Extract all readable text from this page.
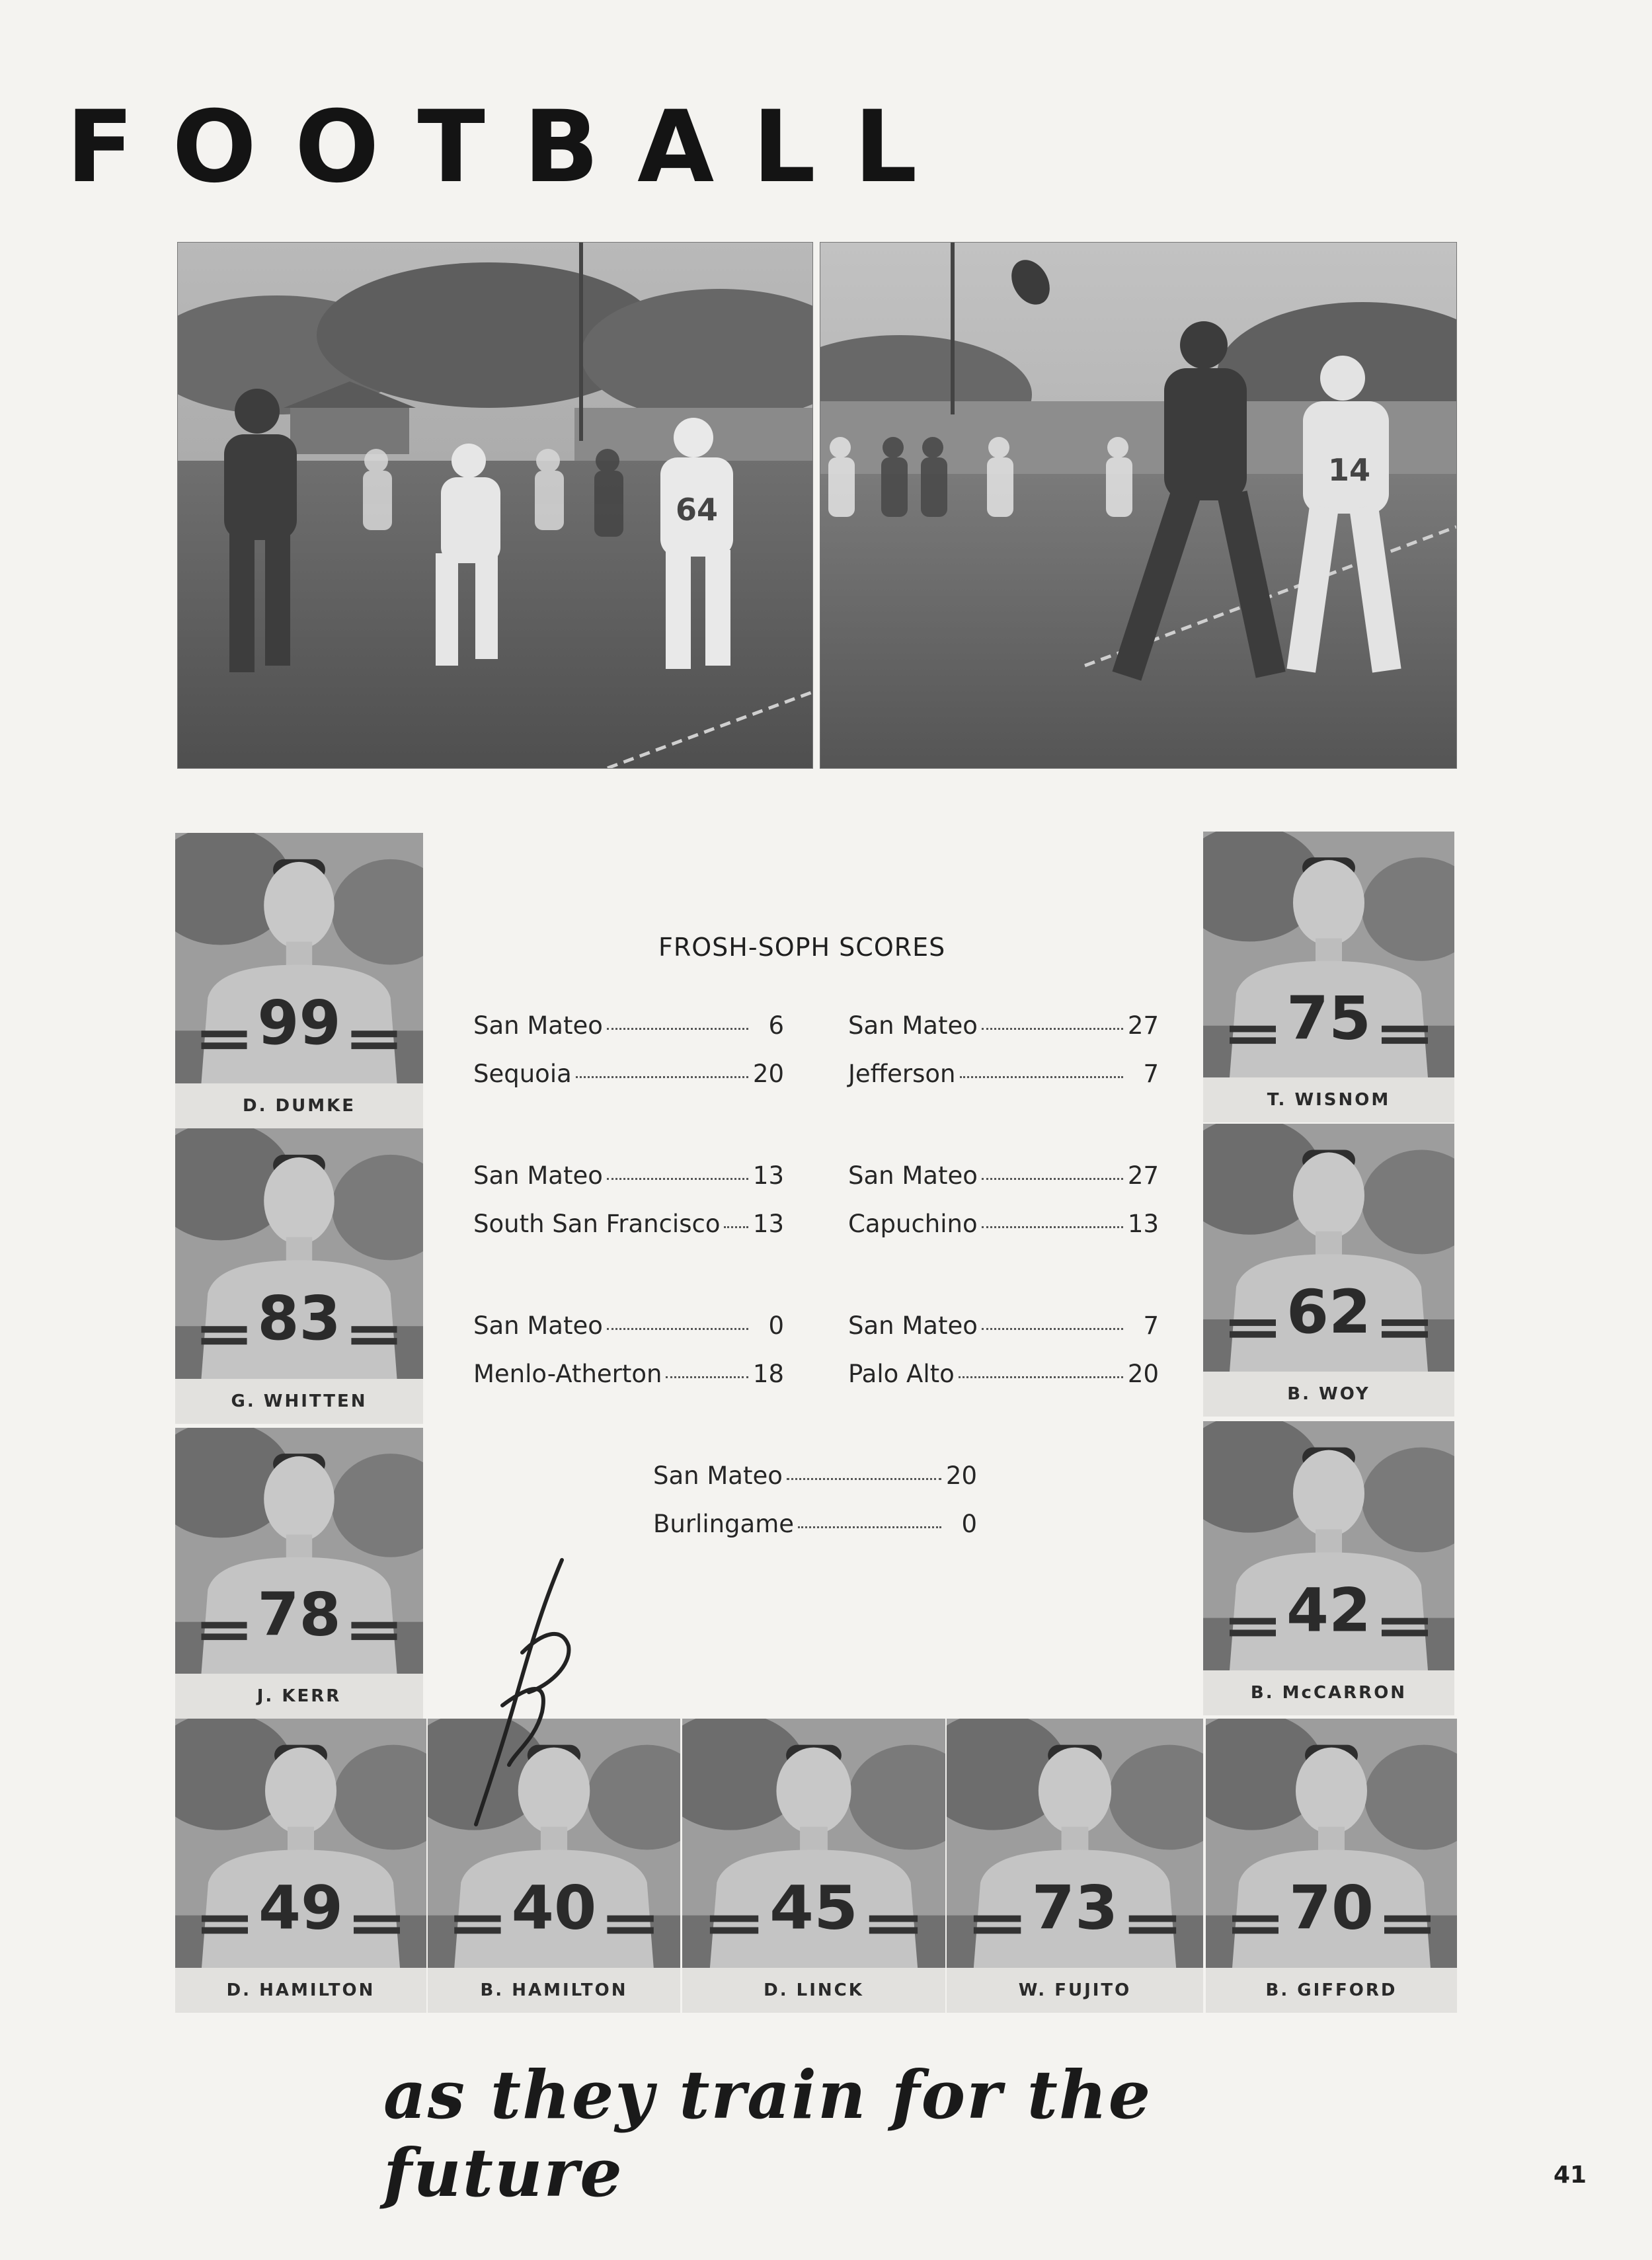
FOOTBALL
64
14
FROSH-SOPH SCORES
San Mateo	6
Sequoia	20
San Mateo	27
Jefferson	7
San Mateo	13
South San Francisco 13
San Mateo	27
Capuchino	13
San Mateo	0
Menlo-Atherton	18
San Mateo	7
Palo Alto	20
San Mateo	20
Burlingame	0
99
D. DUMKE
83
G. WHITTEN
78
J. KERR
75
T. WISNOM
62
B. WOY
42
B. McCARRON
49
D. HAMILTON
40
B. HAMILTON
45
D. LINCK
73
W. FUJITO
70
B. GIFFORD
as they train for the future	41
